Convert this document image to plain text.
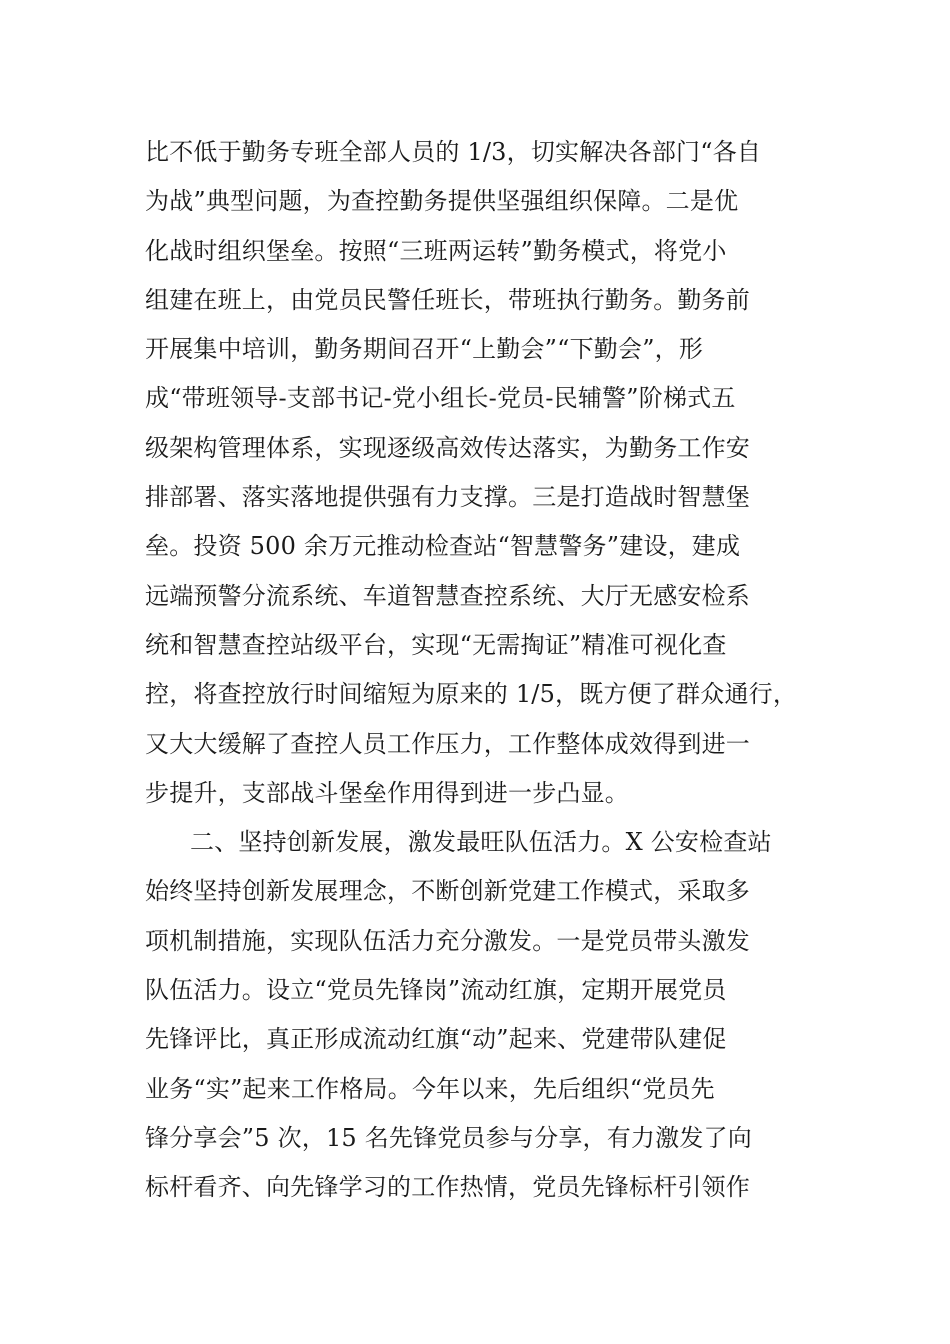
比不低于勤务专班全部人员的 1/3，切实解决各部门“各自
为战”典型问题，为查控勤务提供坚强组织保障。二是优
化战时组织堡垒。按照“三班两运转”勤务模式，将党小
组建在班上，由党员民警任班长，带班执行勤务。勤务前
开展集中培训，勤务期间召开“上勤会”“下勤会”，形
成“带班领导-支部书记-党小组长-党员-民辅警”阶梯式五
级架构管理体系，实现逐级高效传达落实，为勤务工作安
排部署、落实落地提供强有力支撑。三是打造战时智慧堡
垒。投资 500 余万元推动检查站“智慧警务”建设，建成
远端预警分流系统、车道智慧查控系统、大厅无感安检系
统和智慧查控站级平台，实现“无需掏证”精准可视化查
控，将查控放行时间缩短为原来的 1/5，既方便了群众通行，
又大大缓解了查控人员工作压力，工作整体成效得到进一
步提升，支部战斗堡垒作用得到进一步凸显。
二、坚持创新发展，激发最旺队伍活力。X 公安检查站
始终坚持创新发展理念，不断创新党建工作模式，采取多
项机制措施，实现队伍活力充分激发。一是党员带头激发
队伍活力。设立“党员先锋岗”流动红旗，定期开展党员
先锋评比，真正形成流动红旗“动”起来、党建带队建促
业务“实”起来工作格局。今年以来，先后组织“党员先
锋分享会”5 次，15 名先锋党员参与分享，有力激发了向
标杆看齐、向先锋学习的工作热情，党员先锋标杆引领作
